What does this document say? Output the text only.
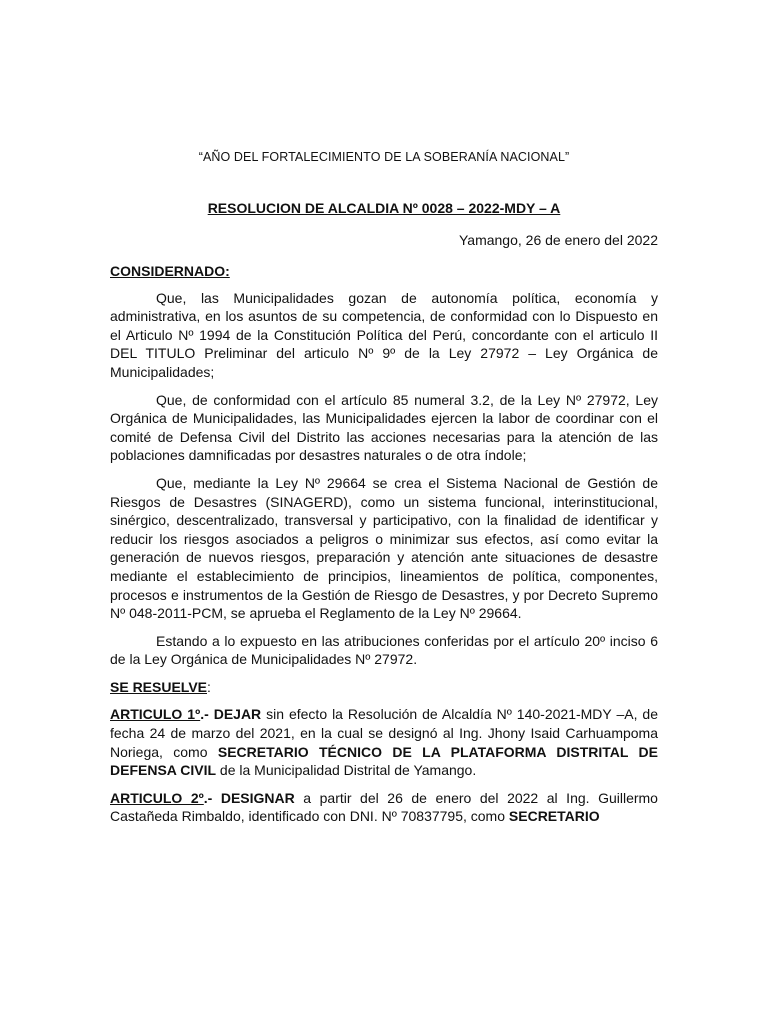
“AÑO DEL FORTALECIMIENTO DE LA SOBERANÍA NACIONAL”
RESOLUCION DE ALCALDIA Nº 0028 – 2022-MDY – A
Yamango, 26 de enero del 2022

CONSIDERNADO:

Que, las Municipalidades gozan de autonomía política, economía y administrativa, en los asuntos de su competencia, de conformidad con lo Dispuesto en el Articulo Nº 1994 de la Constitución Política del Perú, concordante con el articulo II DEL TITULO Preliminar del articulo Nº 9º de la Ley 27972 – Ley Orgánica de Municipalidades;

Que, de conformidad con el artículo 85 numeral 3.2, de la Ley Nº 27972, Ley Orgánica de Municipalidades, las Municipalidades ejercen la labor de coordinar con el comité de Defensa Civil del Distrito las acciones necesarias para la atención de las poblaciones damnificadas por desastres naturales o de otra índole;

Que, mediante la Ley Nº 29664 se crea el Sistema Nacional de Gestión de Riesgos de Desastres (SINAGERD), como un sistema funcional, interinstitucional, sinérgico, descentralizado, transversal y participativo, con la finalidad de identificar y reducir los riesgos asociados a peligros o minimizar sus efectos, así como evitar la generación de nuevos riesgos, preparación y atención ante situaciones de desastre mediante el establecimiento de principios, lineamientos de política, componentes, procesos e instrumentos de la Gestión de Riesgo de Desastres, y por Decreto Supremo Nº 048-2011-PCM, se aprueba el Reglamento de la Ley Nº 29664.

Estando a lo expuesto en las atribuciones conferidas por el artículo 20º inciso 6 de la Ley Orgánica de Municipalidades Nº 27972.

SE RESUELVE:

ARTICULO 1º.- DEJAR sin efecto la Resolución de Alcaldía Nº 140-2021-MDY –A, de fecha 24 de marzo del 2021, en la cual se designó al Ing. Jhony Isaid Carhuampoma Noriega, como SECRETARIO TÉCNICO DE LA PLATAFORMA DISTRITAL DE DEFENSA CIVIL de la Municipalidad Distrital de Yamango.

ARTICULO 2º.- DESIGNAR a partir del 26 de enero del 2022 al Ing. Guillermo Castañeda Rimbaldo, identificado con DNI. Nº 70837795, como SECRETARIO
